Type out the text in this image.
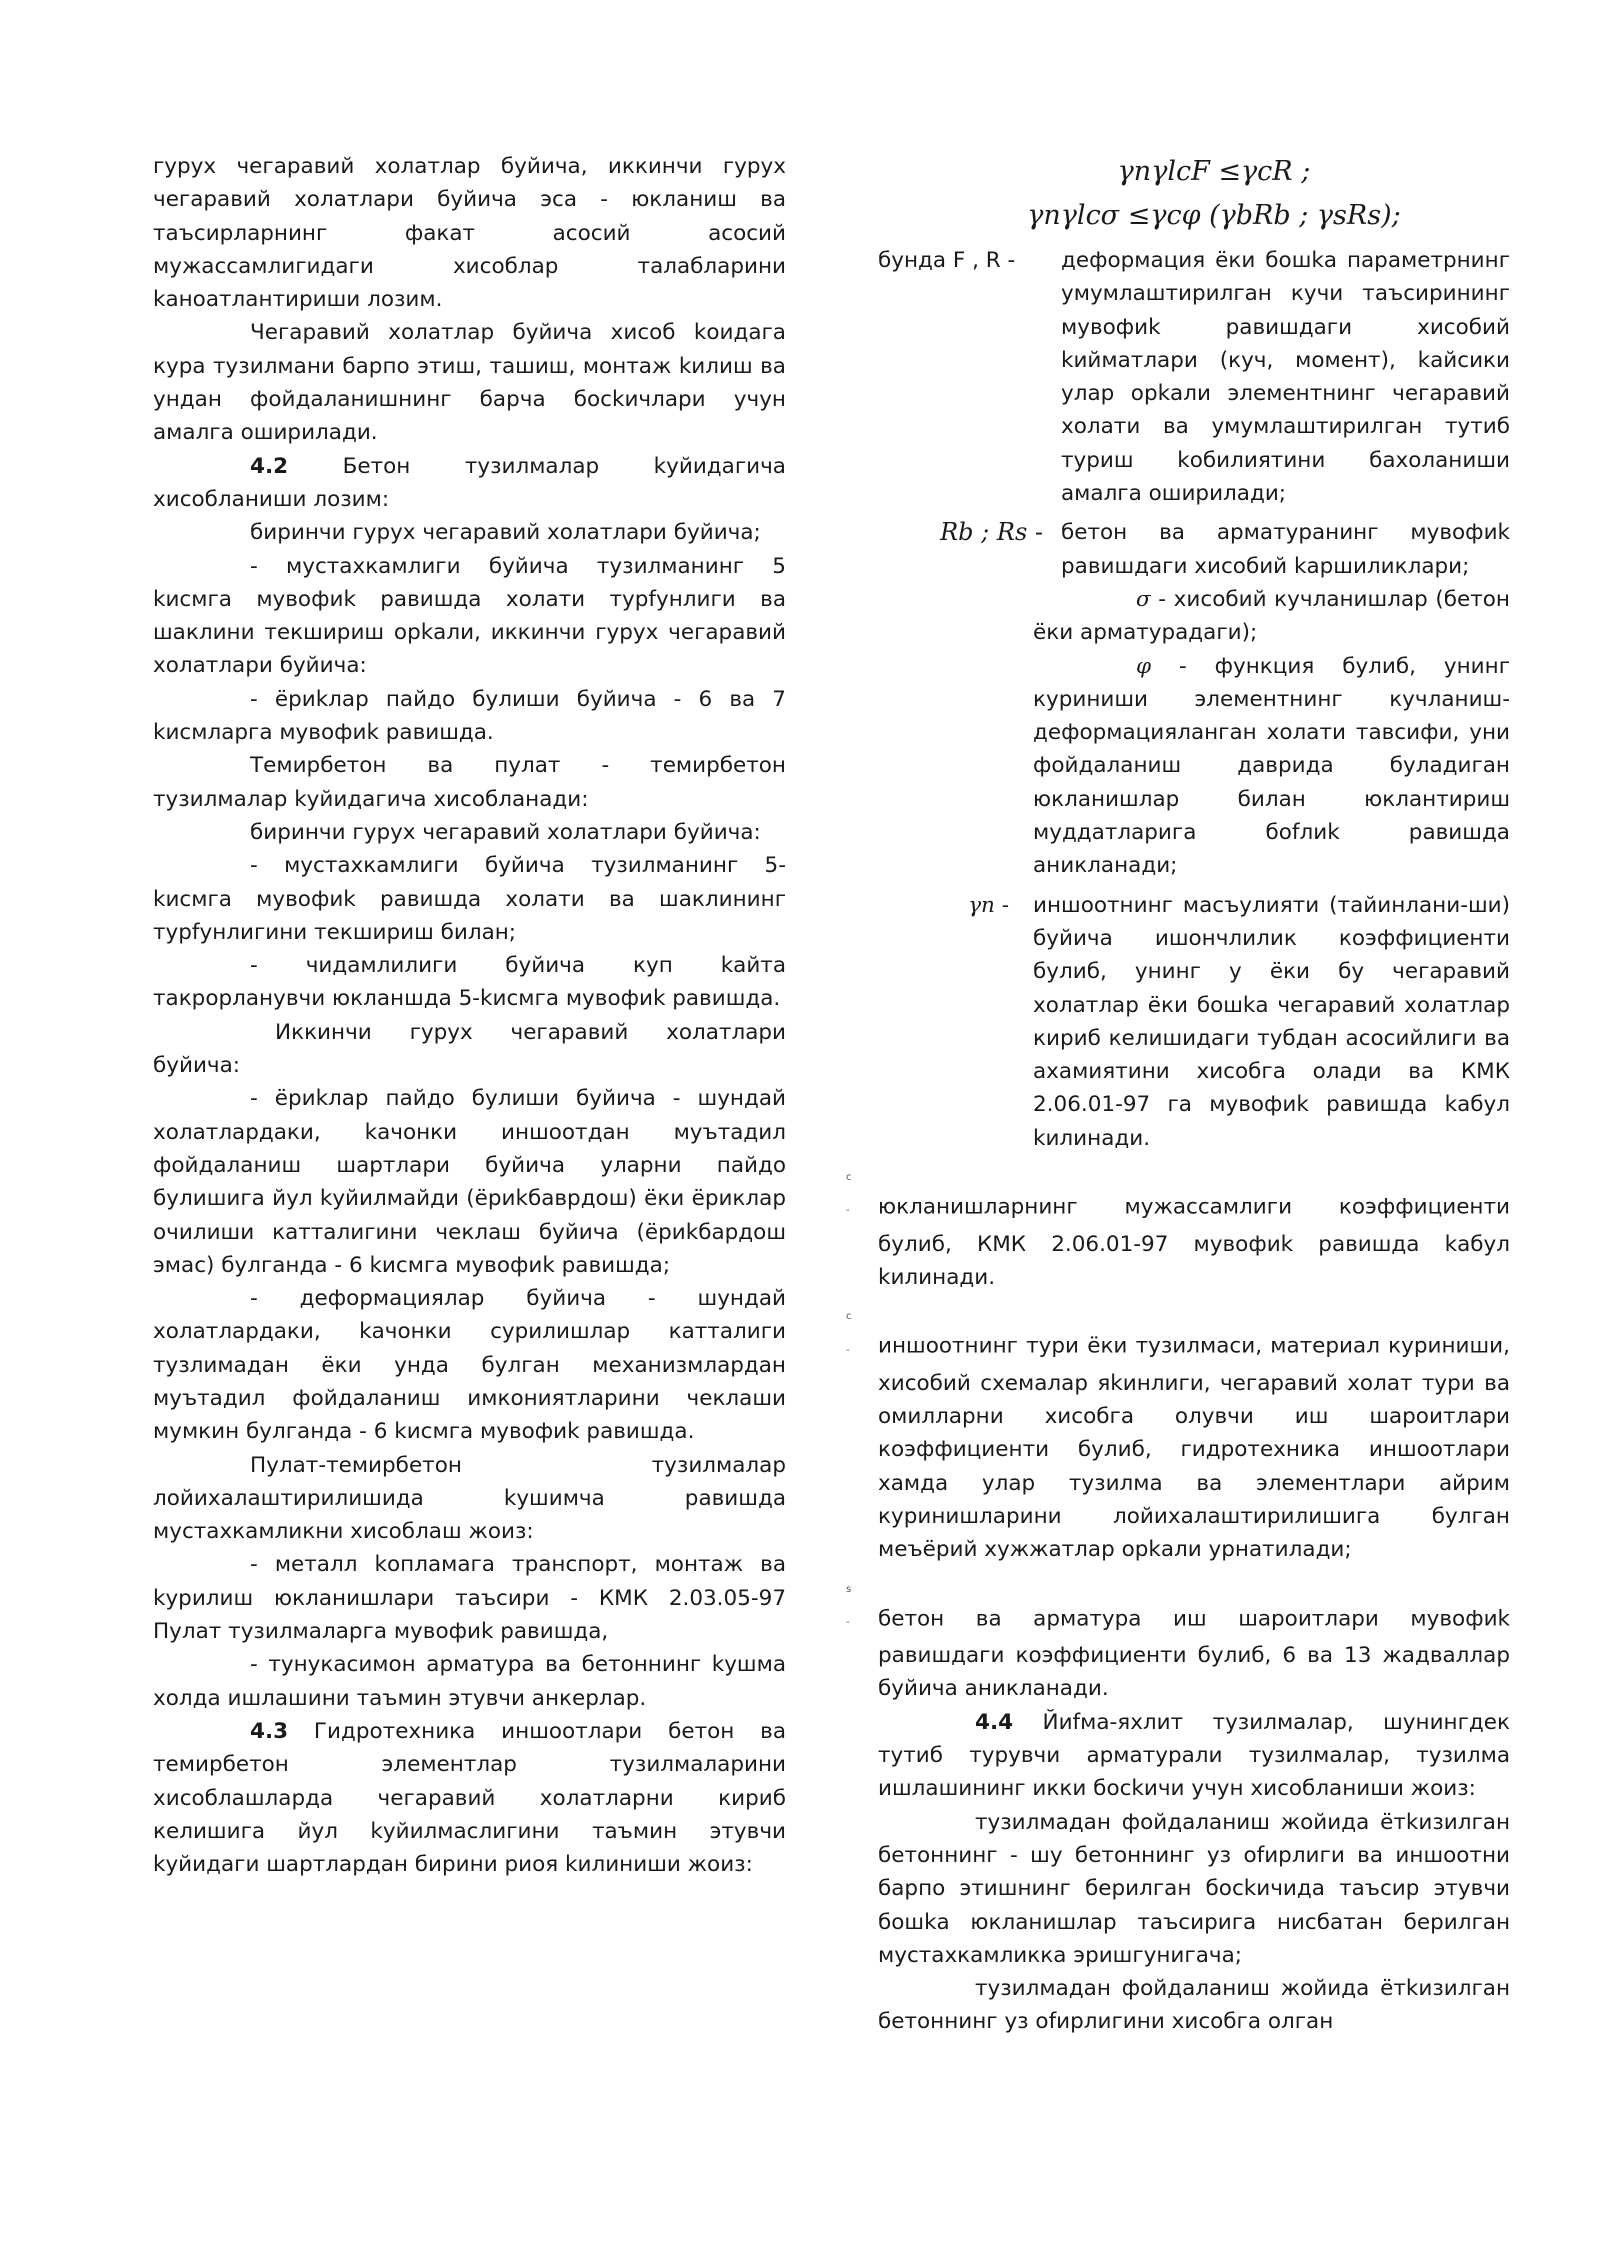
гурух чегаравий холатлар буйича, иккинчи гурух чегаравий холатлари буйича эса - юкланиш ва таъсирларнинг факат асосий асосий мужассамлигидаги хисоблар талабларини kаноатлантириши лозим.

Чегаравий холатлар буйича хисоб kоидага кура тузилмани барпо этиш, ташиш, монтаж kилиш ва ундан фойдаланишнинг барча босkичлари учун амалга оширилади.

4.2 Бетон тузилмалар kуйидагича хисобланиши лозим:

биринчи гурух чегаравий холатлари буйича;

- мустахкамлиги буйича тузилманинг 5 kисмга мувофиk равишда холати турfунлиги ва шаклини текшириш орkали, иккинчи гурух чегаравий холатлари буйича:

- ёриkлар пайдо булиши буйича - 6 ва 7 kисмларга мувофиk равишда.

Темирбетон ва пулат - темирбетон тузилмалар kуйидагича хисобланади:

биринчи гурух чегаравий холатлари буйича:

- мустахкамлиги буйича тузилманинг 5-kисмга мувофиk равишда холати ва шаклининг турfунлигини текшириш билан;

- чидамлилиги буйича куп kайта такрорланувчи юкланшда 5-kисмга мувофиk равишда.

Иккинчи гурух чегаравий холатлари буйича:

- ёриkлар пайдо булиши буйича - шундай холатлардаки, kачонки иншоотдан муътадил фойдаланиш шартлари буйича уларни пайдо булишига йул kуйилмайди (ёриkбаврдош) ёки ёриклар очилиши катталигини чеклаш буйича (ёриkбардош эмас) булганда - 6 kисмга мувофиk равишда;

- деформациялар буйича - шундай холатлардаки, kачонки сурилишлар катталиги тузлимадан ёки унда булган механизмлардан муътадил фойдаланиш имкониятларини чеклаши мумкин булганда - 6 kисмга мувофиk равишда.

Пулат-темирбетон тузилмалар лойихалаштирилишида kушимча равишда мустахкамликни хисоблаш жоиз:

- металл kопламага транспорт, монтаж ва kурилиш юкланишлари таъсири - КМК 2.03.05-97 Пулат тузилмаларга мувофиk равишда,

- тунукасимон арматура ва бетоннинг kушма холда ишлашини таъмин этувчи анкерлар.

4.3 Гидротехника иншоотлари бетон ва темирбетон элементлар тузилмаларини хисоблашларда чегаравий холатларни кириб келишига йул kуйилмаслигини таъмин этувчи kуйидаги шартлардан бирини риоя kилиниши жоиз:

γnγlcF ≤γcR ;
γnγlcσ ≤γcφ (γbRb ; γsRs);
бунда F , R -	деформация ёки бошkа параметрнинг умумлаштирилган кучи таъсирининг мувофиk равишдаги хисобий kийматлари (куч, момент), kайсики улар орkали элементнинг чегаравий холати ва умумлаштирилган тутиб туриш kобилиятини бахоланиши амалга оширилади;
Rb ; Rs - бетон ва арматуранинг мувофиk равишдаги хисобий kаршиликлари;
σ - хисобий кучланишлар (бетон ёки арматурадаги);
φ - функция булиб, унинг куриниши элементнинг кучланиш-деформацияланган холати тавсифи, уни фойдаланиш даврида буладиган юкланишлар билан юклантириш муддатларига боfлиk равишда аникланади;
γn -	иншоотнинг масъулияти (тайинлани-ши) буйича ишончлилик коэффициенти булиб, унинг у ёки бу чегаравий холатлар ёки бошkа чегаравий холатлар кириб келишидаги тубдан асосийлиги ва ахамиятини хисобга олади ва КМК 2.06.01-97 га мувофиk равишда kабул kилинади.
c - юкланишларнинг мужассамлиги коэффициенти булиб, КМК 2.06.01-97 мувофиk равишда kабул kилинади.
c - иншоотнинг тури ёки тузилмаси, материал куриниши, хисобий схемалар яkинлиги, чегаравий холат тури ва омилларни хисобга олувчи иш шароитлари коэффициенти булиб, гидротехника иншоотлари хамда улар тузилма ва элементлари айрим куринишларини лойихалаштирилишига булган меъёрий хужжатлар орkали урнатилади;
s - бетон ва арматура иш шароитлари мувофиk равишдаги коэффициенти булиб, 6 ва 13 жадваллар буйича аникланади.

4.4 Йиfма-яхлит тузилмалар, шунингдек тутиб турувчи арматурали тузилмалар, тузилма ишлашининг икки босkичи учун хисобланиши жоиз:

тузилмадан фойдаланиш жойида ётkизилган бетоннинг - шу бетоннинг уз оfирлиги ва иншоотни барпо этишнинг берилган босkичида таъсир этувчи бошkа юкланишлар таъсирига нисбатан берилган мустахкамликка эришгунигача;

тузилмадан фойдаланиш жойида ётkизилган бетоннинг уз оfирлигини хисобга олган
